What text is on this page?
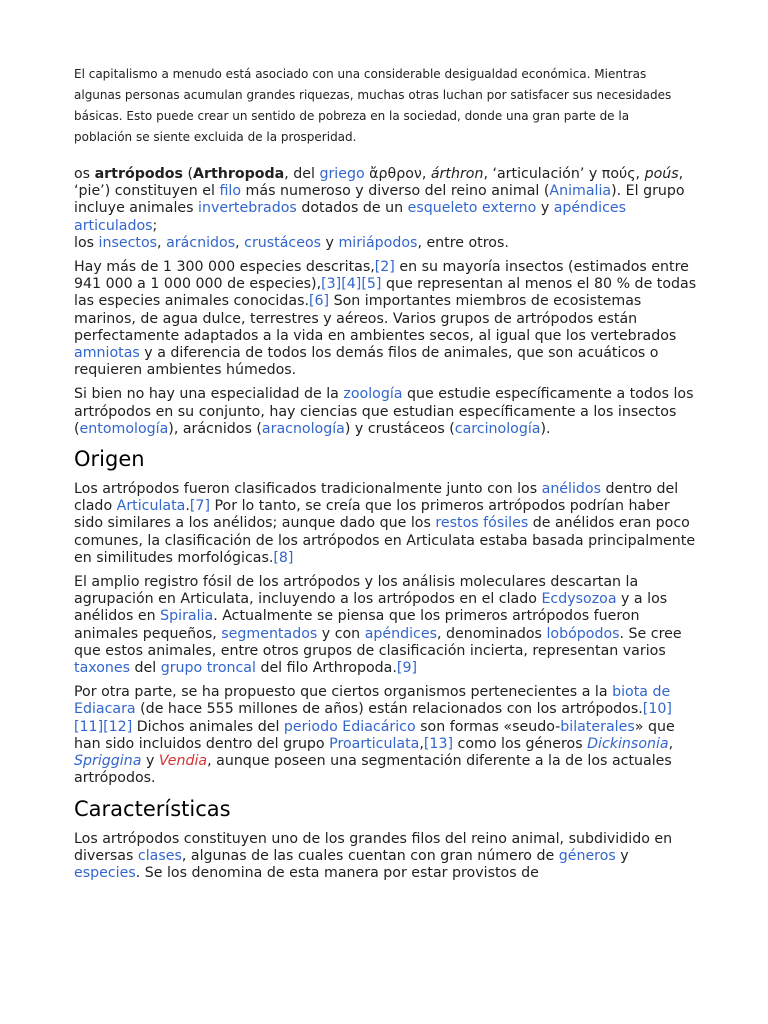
El capitalismo a menudo está asociado con una considerable desigualdad económica. Mientras algunas personas acumulan grandes riquezas, muchas otras luchan por satisfacer sus necesidades básicas. Esto puede crear un sentido de pobreza en la sociedad, donde una gran parte de la población se siente excluida de la prosperidad.

os artrópodos (Arthropoda, del griego ἄρθρον, árthron, ‘articulación’ y πούς, poús, ‘pie’) constituyen el filo más numeroso y diverso del reino animal (Animalia). El grupo incluye animales invertebrados dotados de un esqueleto externo y apéndices articulados;
los insectos, arácnidos, crustáceos y miriápodos, entre otros.

Hay más de 1 300 000 especies descritas,[2] en su mayoría insectos (estimados entre 941 000 a 1 000 000 de especies),[3][4][5] que representan al menos el 80 % de todas las especies animales conocidas.[6] Son importantes miembros de ecosistemas marinos, de agua dulce, terrestres y aéreos. Varios grupos de artrópodos están perfectamente adaptados a la vida en ambientes secos, al igual que los vertebrados amniotas y a diferencia de todos los demás filos de animales, que son acuáticos o requieren ambientes húmedos.

Si bien no hay una especialidad de la zoología que estudie específicamente a todos los artrópodos en su conjunto, hay ciencias que estudian específicamente a los insectos (entomología), arácnidos (aracnología) y crustáceos (carcinología).

Origen

Los artrópodos fueron clasificados tradicionalmente junto con los anélidos dentro del clado Articulata.[7] Por lo tanto, se creía que los primeros artrópodos podrían haber sido similares a los anélidos; aunque dado que los restos fósiles de anélidos eran poco comunes, la clasificación de los artrópodos en Articulata estaba basada principalmente en similitudes morfológicas.[8]

El amplio registro fósil de los artrópodos y los análisis moleculares descartan la agrupación en Articulata, incluyendo a los artrópodos en el clado Ecdysozoa y a los anélidos en Spiralia. Actualmente se piensa que los primeros artrópodos fueron animales pequeños, segmentados y con apéndices, denominados lobópodos. Se cree que estos animales, entre otros grupos de clasificación incierta, representan varios taxones del grupo troncal del filo Arthropoda.[9]

Por otra parte, se ha propuesto que ciertos organismos pertenecientes a la biota de Ediacara (de hace 555 millones de años) están relacionados con los artrópodos.[10][11][12] Dichos animales del periodo Ediacárico son formas «seudo-bilaterales» que han sido incluidos dentro del grupo Proarticulata,[13] como los géneros Dickinsonia, Spriggina y Vendia, aunque poseen una segmentación diferente a la de los actuales artrópodos.

Características

Los artrópodos constituyen uno de los grandes filos del reino animal, subdividido en diversas clases, algunas de las cuales cuentan con gran número de géneros y especies. Se los denomina de esta manera por estar provistos de
